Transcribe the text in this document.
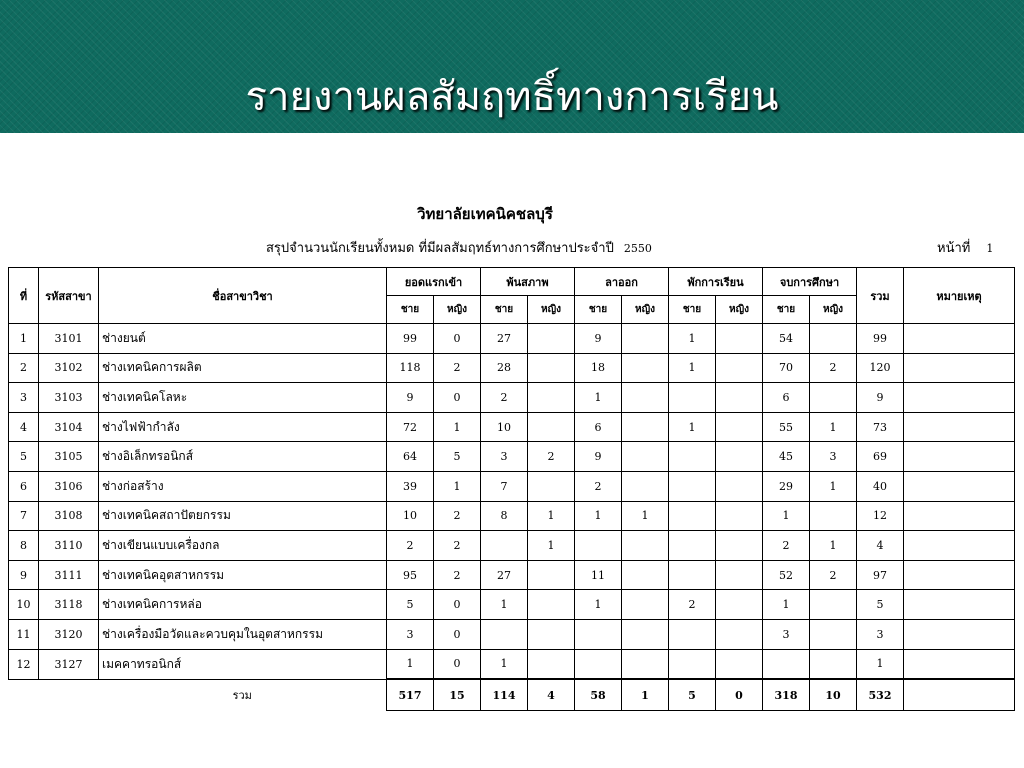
รายงานผลสัมฤทธิ์ทางการเรียน
วิทยาลัยเทคนิคชลบุรี
สรุปจำนวนนักเรียนทั้งหมด ที่มีผลสัมฤทธ์ทางการศึกษาประจำปี 2550	หน้าที่ 1
ที่	รหัสสาขา	ชื่อสาขาวิชา	ยอดแรกเข้า		พ้นสภาพ		ลาออก		พักการเรียน		จบการศึกษา		รวม	หมายเหตุ
			ชาย	หญิง	ชาย	หญิง	ชาย	หญิง	ชาย	หญิง	ชาย	หญิง		
1	3101	ช่างยนต์	99	0	27		9		1		54		99	
2	3102	ช่างเทคนิคการผลิต	118	2	28		18		1		70	2	120	
3	3103	ช่างเทคนิคโลหะ	9	0	2		1				6		9	
4	3104	ช่างไฟฟ้ากำลัง	72	1	10		6		1		55	1	73	
5	3105	ช่างอิเล็กทรอนิกส์	64	5	3	2	9				45	3	69	
6	3106	ช่างก่อสร้าง	39	1	7		2				29	1	40	
7	3108	ช่างเทคนิคสถาปัตยกรรม	10	2	8	1	1	1			1		12	
8	3110	ช่างเขียนแบบเครื่องกล	2	2		1					2	1	4	
9	3111	ช่างเทคนิคอุตสาหกรรม	95	2	27		11				52	2	97	
10	3118	ช่างเทคนิคการหล่อ	5	0	1		1		2		1		5	
11	3120	ช่างเครื่องมือวัดและควบคุมในอุตสาหกรรม	3	0							3		3	
12	3127	เมคคาทรอนิกส์	1	0	1								1	
		รวม	517	15	114	4	58	1	5	0	318	10	532	
